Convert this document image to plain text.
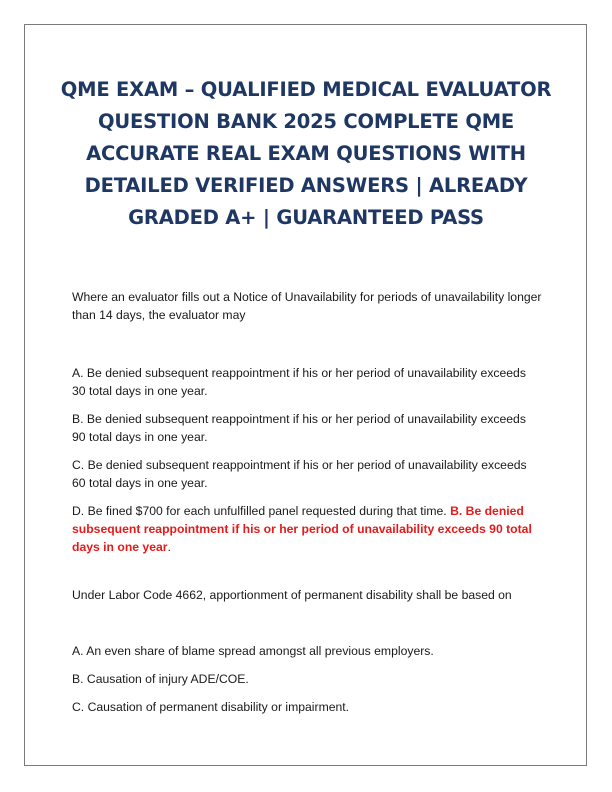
QME EXAM – QUALIFIED MEDICAL EVALUATOR QUESTION BANK 2025 COMPLETE QME ACCURATE REAL EXAM QUESTIONS WITH DETAILED VERIFIED ANSWERS | ALREADY GRADED A+ | GUARANTEED PASS

Where an evaluator fills out a Notice of Unavailability for periods of unavailability longer than 14 days, the evaluator may

A. Be denied subsequent reappointment if his or her period of unavailability exceeds 30 total days in one year.

B. Be denied subsequent reappointment if his or her period of unavailability exceeds 90 total days in one year.

C. Be denied subsequent reappointment if his or her period of unavailability exceeds 60 total days in one year.

D. Be fined $700 for each unfulfilled panel requested during that time. B. Be denied subsequent reappointment if his or her period of unavailability exceeds 90 total days in one year.

Under Labor Code 4662, apportionment of permanent disability shall be based on

A. An even share of blame spread amongst all previous employers.

B. Causation of injury ADE/COE.

C. Causation of permanent disability or impairment.
